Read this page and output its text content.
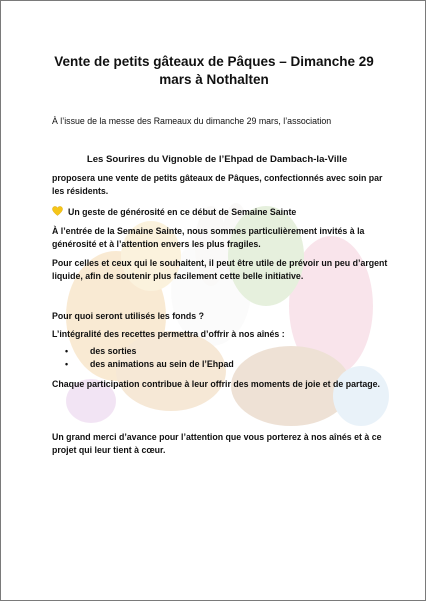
Vente de petits gâteaux de Pâques – Dimanche 29 mars à Nothalten
À l’issue de la messe des Rameaux du dimanche 29 mars, l’association
Les Sourires du Vignoble de l’Ehpad de Dambach-la-Ville
proposera une vente de petits gâteaux de Pâques, confectionnés avec soin par les résidents.
Un geste de générosité en ce début de Semaine Sainte
À l’entrée de la Semaine Sainte, nous sommes particulièrement invités à la générosité et à l’attention envers les plus fragiles.
Pour celles et ceux qui le souhaitent, il peut être utile de prévoir un peu d’argent liquide, afin de soutenir plus facilement cette belle initiative.
Pour quoi seront utilisés les fonds ?
L’intégralité des recettes permettra d’offrir à nos aînés :
• des sorties
• des animations au sein de l’Ehpad
Chaque participation contribue à leur offrir des moments de joie et de partage.
Un grand merci d’avance pour l’attention que vous porterez à nos aînés et à ce projet qui leur tient à cœur.
